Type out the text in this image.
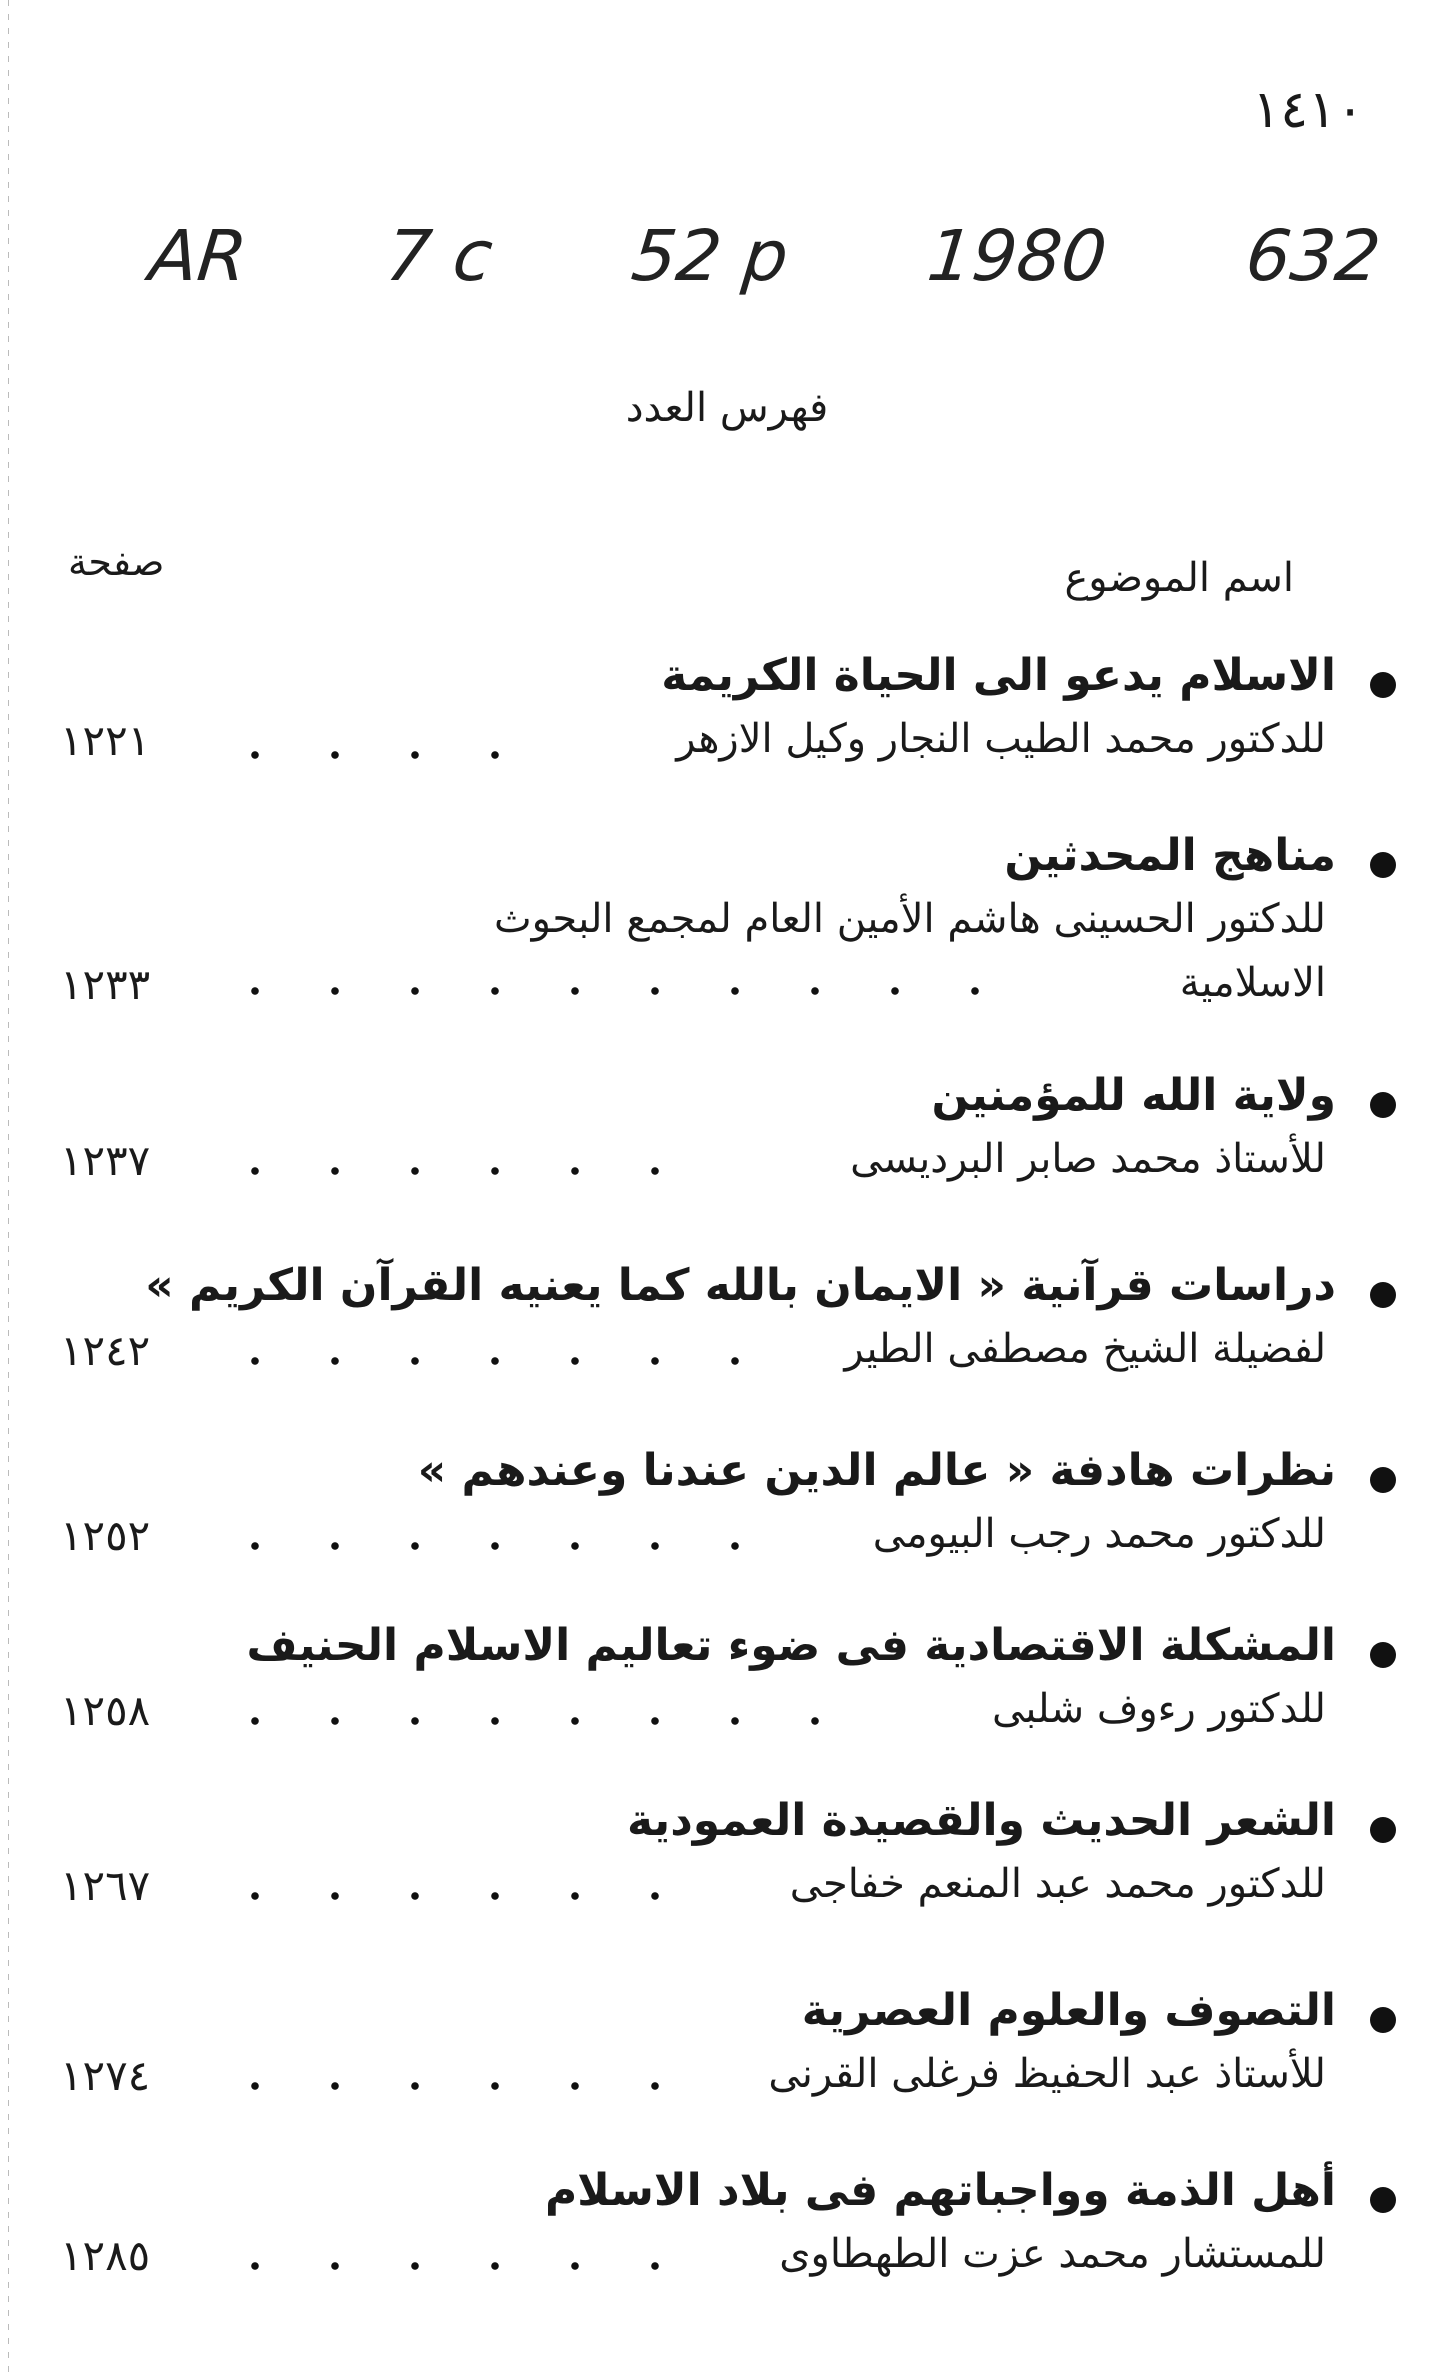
١٤١٠
AR 7 c 52 p 1980 632
فهرس العدد
صفحة	اسم الموضوع
الاسلام يدعو الى الحياة الكريمة
للدكتور محمد الطيب النجار وكيل الازهر
١٢٢١
مناهج المحدثين
للدكتور الحسينى هاشم الأمين العام لمجمع البحوث
الاسلامية
١٢٣٣
ولاية الله للمؤمنين
للأستاذ محمد صابر البرديسى
١٢٣٧
دراسات قرآنية « الايمان بالله كما يعنيه القرآن الكريم »
لفضيلة الشيخ مصطفى الطير
١٢٤٢
نظرات هادفة « عالم الدين عندنا وعندهم »
للدكتور محمد رجب البيومى
١٢٥٢
المشكلة الاقتصادية فى ضوء تعاليم الاسلام الحنيف
للدكتور رءوف شلبى
١٢٥٨
الشعر الحديث والقصيدة العمودية
للدكتور محمد عبد المنعم خفاجى
١٢٦٧
التصوف والعلوم العصرية
للأستاذ عبد الحفيظ فرغلى القرنى
١٢٧٤
أهل الذمة وواجباتهم فى بلاد الاسلام
للمستشار محمد عزت الطهطاوى
١٢٨٥
